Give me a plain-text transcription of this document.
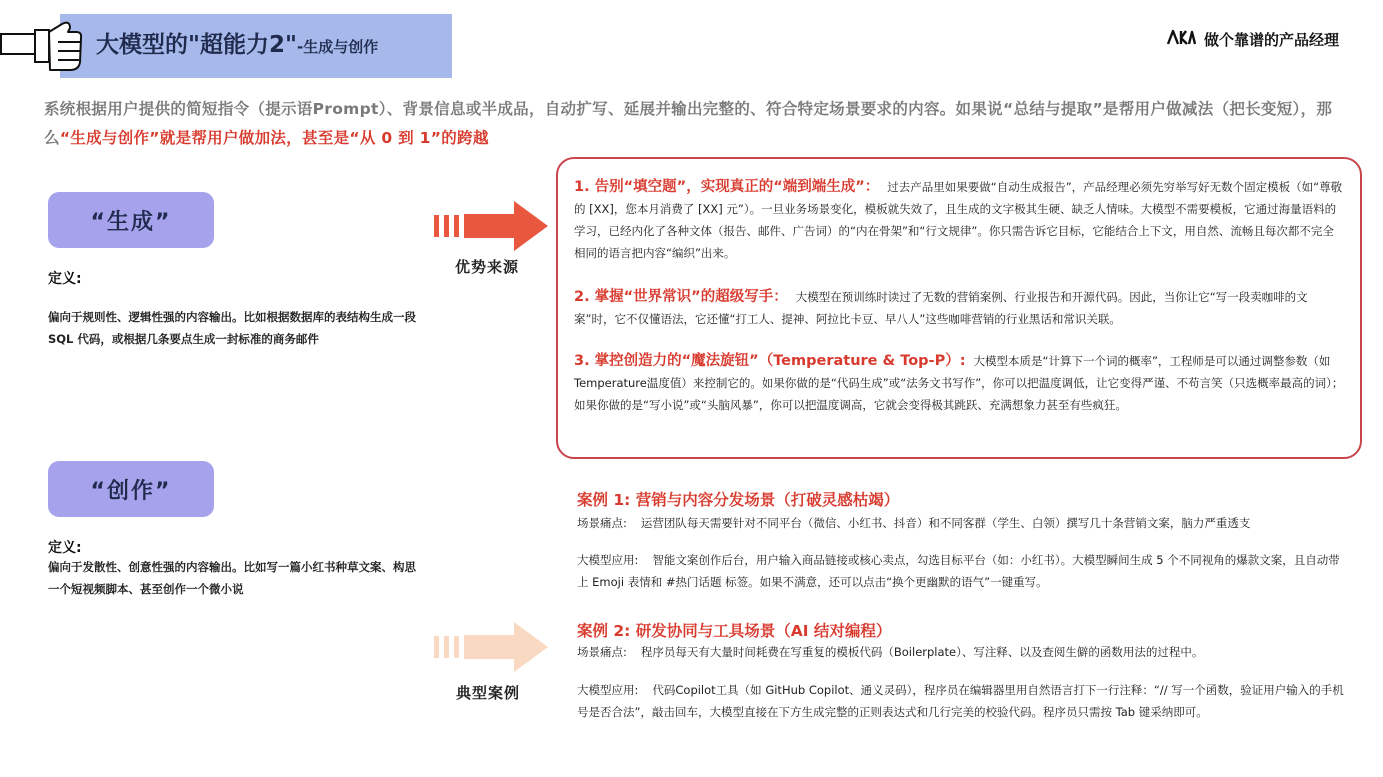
大模型的"超能力2"-生成与创作	做个靠谱的产品经理
系统根据用户提供的简短指令（提示语Prompt）、背景信息或半成品，自动扩写、延展并输出完整的、符合特定场景要求的内容。如果说“总结与提取”是帮用户做减法（把长变短），那么“生成与创作”就是帮用户做加法，甚至是“从 0 到 1”的跨越
“生成”
定义:
偏向于规则性、逻辑性强的内容输出。比如根据数据库的表结构生成一段 SQL 代码，或根据几条要点生成一封标准的商务邮件
“创作”
定义:
偏向于发散性、创意性强的内容输出。比如写一篇小红书种草文案、构思一个短视频脚本、甚至创作一个微小说
优势来源
典型案例
1. 告别“填空题”，实现真正的“端到端生成”： 过去产品里如果要做“自动生成报告”，产品经理必须先穷举写好无数个固定模板（如“尊敬的 [XX]，您本月消费了 [XX] 元”）。一旦业务场景变化，模板就失效了，且生成的文字极其生硬、缺乏人情味。大模型不需要模板，它通过海量语料的学习，已经内化了各种文体（报告、邮件、广告词）的“内在骨架”和“行文规律”。你只需告诉它目标，它能结合上下文，用自然、流畅且每次都不完全相同的语言把内容“编织”出来。
2. 掌握“世界常识”的超级写手： 大模型在预训练时读过了无数的营销案例、行业报告和开源代码。因此，当你让它“写一段卖咖啡的文案”时，它不仅懂语法，它还懂“打工人、提神、阿拉比卡豆、早八人”这些咖啡营销的行业黑话和常识关联。
3. 掌控创造力的“魔法旋钮”（Temperature & Top-P）: 大模型本质是“计算下一个词的概率”，工程师是可以通过调整参数（如 Temperature温度值）来控制它的。如果你做的是“代码生成”或“法务文书写作”，你可以把温度调低，让它变得严谨、不苟言笑（只选概率最高的词）；如果你做的是“写小说”或“头脑风暴”，你可以把温度调高，它就会变得极其跳跃、充满想象力甚至有些疯狂。
案例 1: 营销与内容分发场景（打破灵感枯竭）
场景痛点: 运营团队每天需要针对不同平台（微信、小红书、抖音）和不同客群（学生、白领）撰写几十条营销文案，脑力严重透支
大模型应用: 智能文案创作后台，用户输入商品链接或核心卖点，勾选目标平台（如：小红书）。大模型瞬间生成 5 个不同视角的爆款文案，且自动带上 Emoji 表情和 #热门话题 标签。如果不满意，还可以点击“换个更幽默的语气”一键重写。
案例 2: 研发协同与工具场景（AI 结对编程）
场景痛点: 程序员每天有大量时间耗费在写重复的模板代码（Boilerplate）、写注释、以及查阅生僻的函数用法的过程中。
大模型应用: 代码Copilot工具（如 GitHub Copilot、通义灵码），程序员在编辑器里用自然语言打下一行注释：“// 写一个函数，验证用户输入的手机号是否合法”，敲击回车，大模型直接在下方生成完整的正则表达式和几行完美的校验代码。程序员只需按 Tab 键采纳即可。
